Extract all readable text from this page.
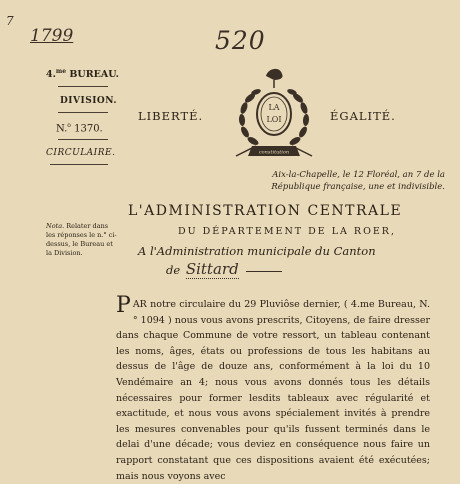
7
1799	520
4.$^{me}$ BUREAU.
DIVISION.
N.$^o$ 1370.
CIRCULAIRE.
Nota. Relater dans les réponses le n.° ci-dessus, le Bureau et la Division.
LIBERTÉ.	ÉGALITÉ.
LA
LOI
constitution
Aix-la-Chapelle, le 12 Floréal, an 7 de la
République française, une et indivisible.
L'ADMINISTRATION CENTRALE
DU DÉPARTEMENT DE LA ROER,
A l'Administration municipale du Canton
de Sittard

PAR notre circulaire du 29 Pluviôse dernier, ( 4.me Bureau, N.° 1094 ) nous vous avons prescrits, Citoyens, de faire dresser dans chaque Commune de votre ressort, un tableau contenant les noms, âges, états ou professions de tous les habitans au dessus de l'âge de douze ans, conformément à la loi du 10 Vendémaire an 4; nous vous avons donnés tous les détails nécessaires pour former lesdits tableaux avec régularité et exactitude, et nous vous avons spécialement invités à prendre les mesures convenables pour qu'ils fussent terminés dans le delai d'une décade; vous deviez en conséquence nous faire un rapport constatant que ces dispositions avaient été exécutées; mais nous voyons avec
